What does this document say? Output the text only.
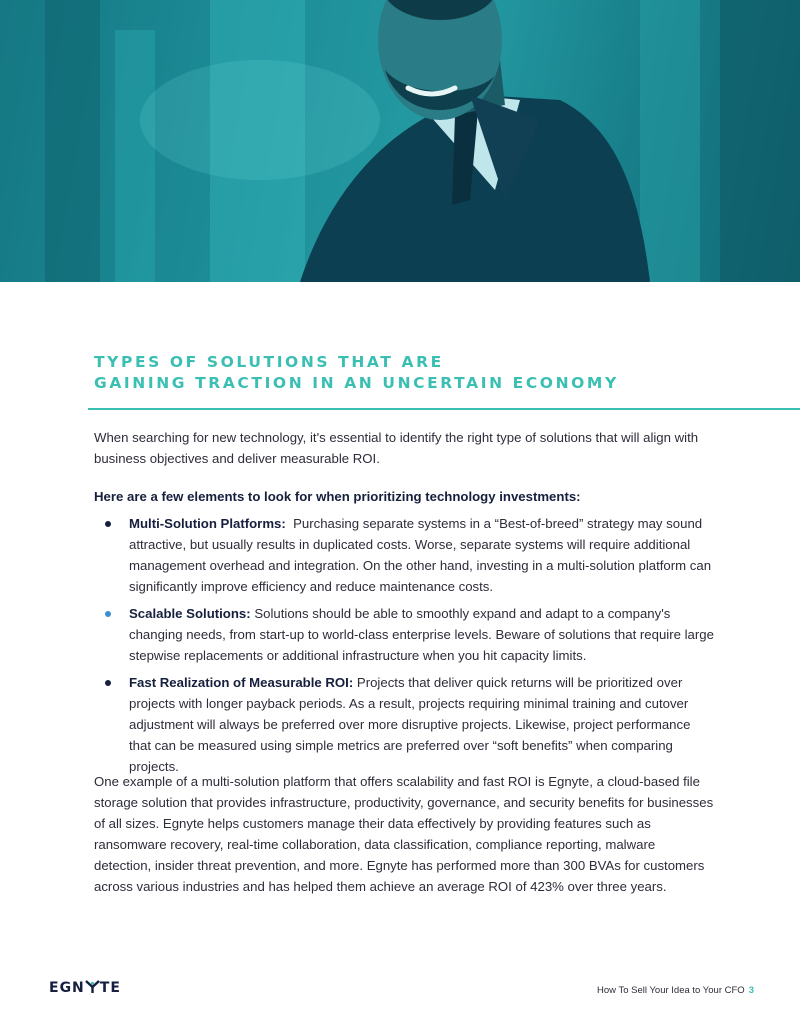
TYPES OF SOLUTIONS THAT ARE
GAINING TRACTION IN AN UNCERTAIN ECONOMY

When searching for new technology, it's essential to identify the right type of solutions that will align with business objectives and deliver measurable ROI.

Here are a few elements to look for when prioritizing technology investments:

Multi-Solution Platforms: Purchasing separate systems in a “Best-of-breed” strategy may sound attractive, but usually results in duplicated costs. Worse, separate systems will require additional management overhead and integration. On the other hand, investing in a multi-solution platform can significantly improve efficiency and reduce maintenance costs.
Scalable Solutions: Solutions should be able to smoothly expand and adapt to a company's changing needs, from start-up to world-class enterprise levels. Beware of solutions that require large stepwise replacements or additional infrastructure when you hit capacity limits.
Fast Realization of Measurable ROI: Projects that deliver quick returns will be prioritized over projects with longer payback periods. As a result, projects requiring minimal training and cutover adjustment will always be preferred over more disruptive projects. Likewise, project performance that can be measured using simple metrics are preferred over “soft benefits” when comparing projects.

One example of a multi-solution platform that offers scalability and fast ROI is Egnyte, a cloud-based file storage solution that provides infrastructure, productivity, governance, and security benefits for businesses of all sizes. Egnyte helps customers manage their data effectively by providing features such as ransomware recovery, real-time collaboration, data classification, compliance reporting, malware detection, insider threat prevention, and more. Egnyte has performed more than 300 BVAs for customers across various industries and has helped them achieve an average ROI of 423% over three years.

EGN TE	How To Sell Your Idea to Your CFO 3
